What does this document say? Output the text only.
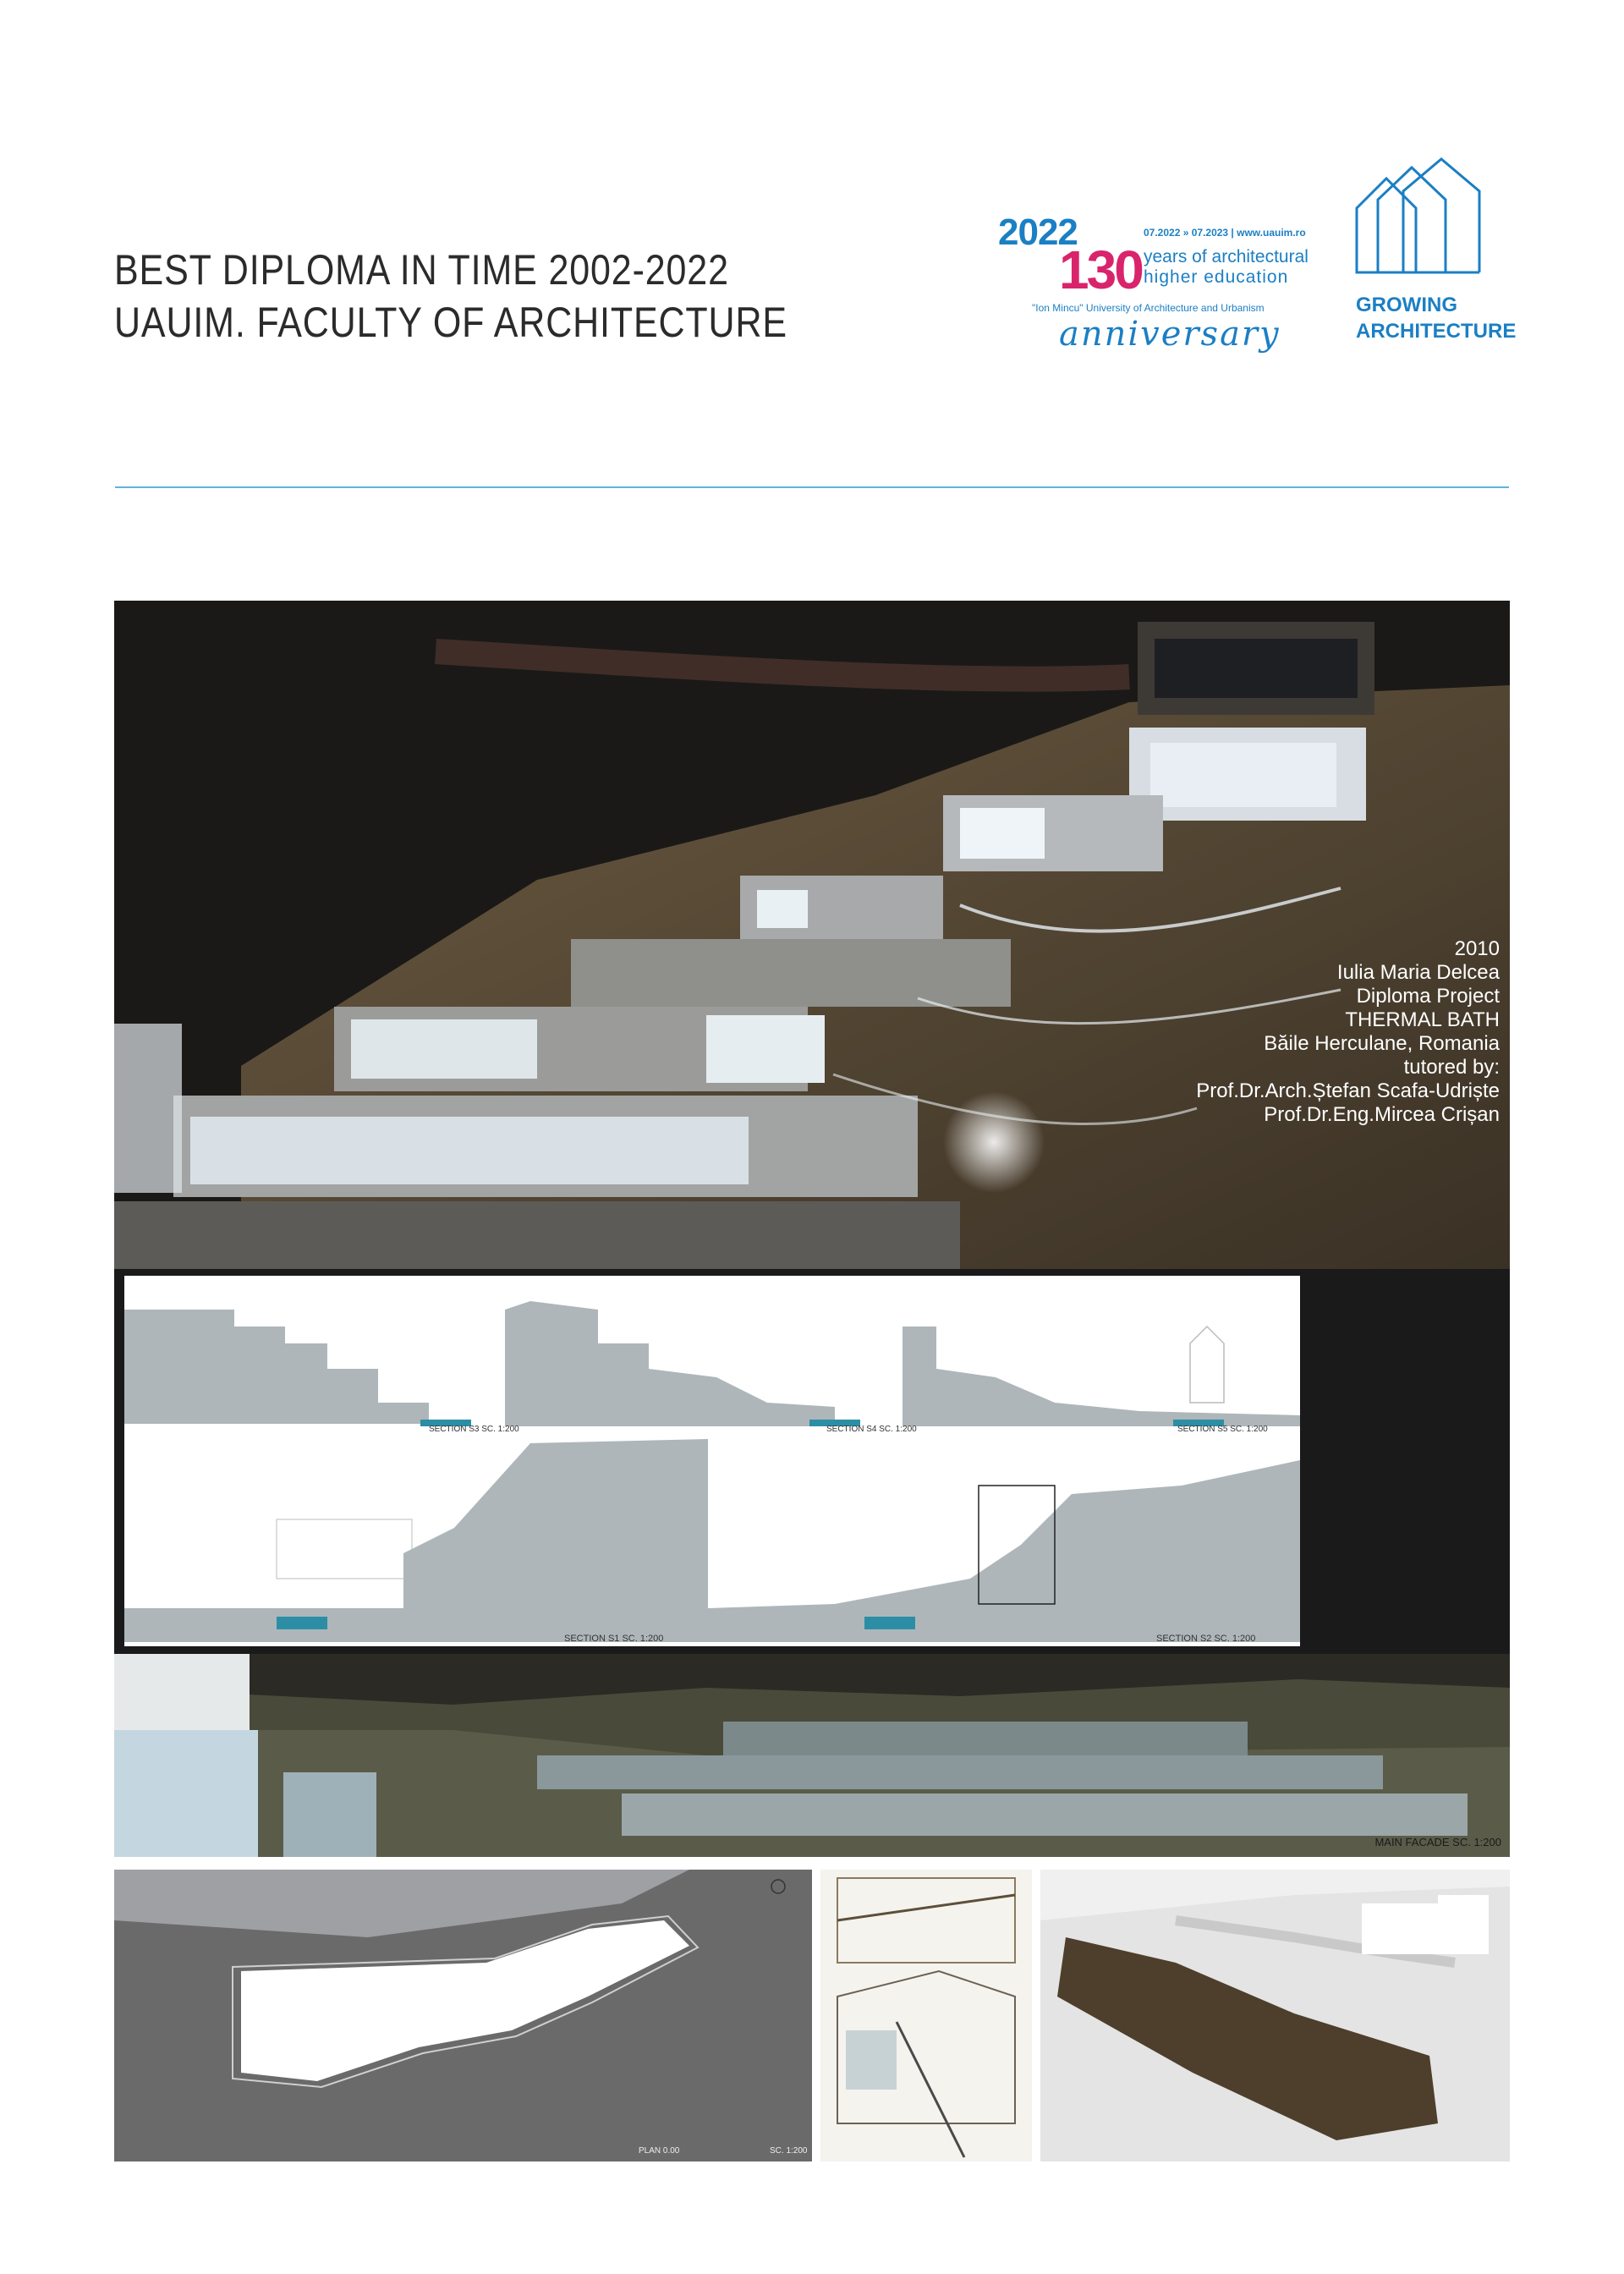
BEST DIPLOMA IN TIME 2002-2022
UAUIM. FACULTY OF ARCHITECTURE
2022
130
07.2022 » 07.2023 | www.uauim.ro
years of architectural
higher education
"Ion Mincu" University of Architecture and Urbanism
anniversary
GROWING
ARCHITECTURE
2010
Iulia Maria Delcea
Diploma Project
THERMAL BATH
Băile Herculane, Romania
tutored by:
Prof.Dr.Arch.Ștefan Scafa-Udriște
Prof.Dr.Eng.Mircea Crișan
SECTION S3 SC. 1:200	SECTION S4 SC. 1:200	SECTION S5 SC. 1:200
SECTION S1 SC. 1:200	SECTION S2 SC. 1:200
MAIN FACADE SC. 1:200
PLAN 0.00	SC. 1:200
